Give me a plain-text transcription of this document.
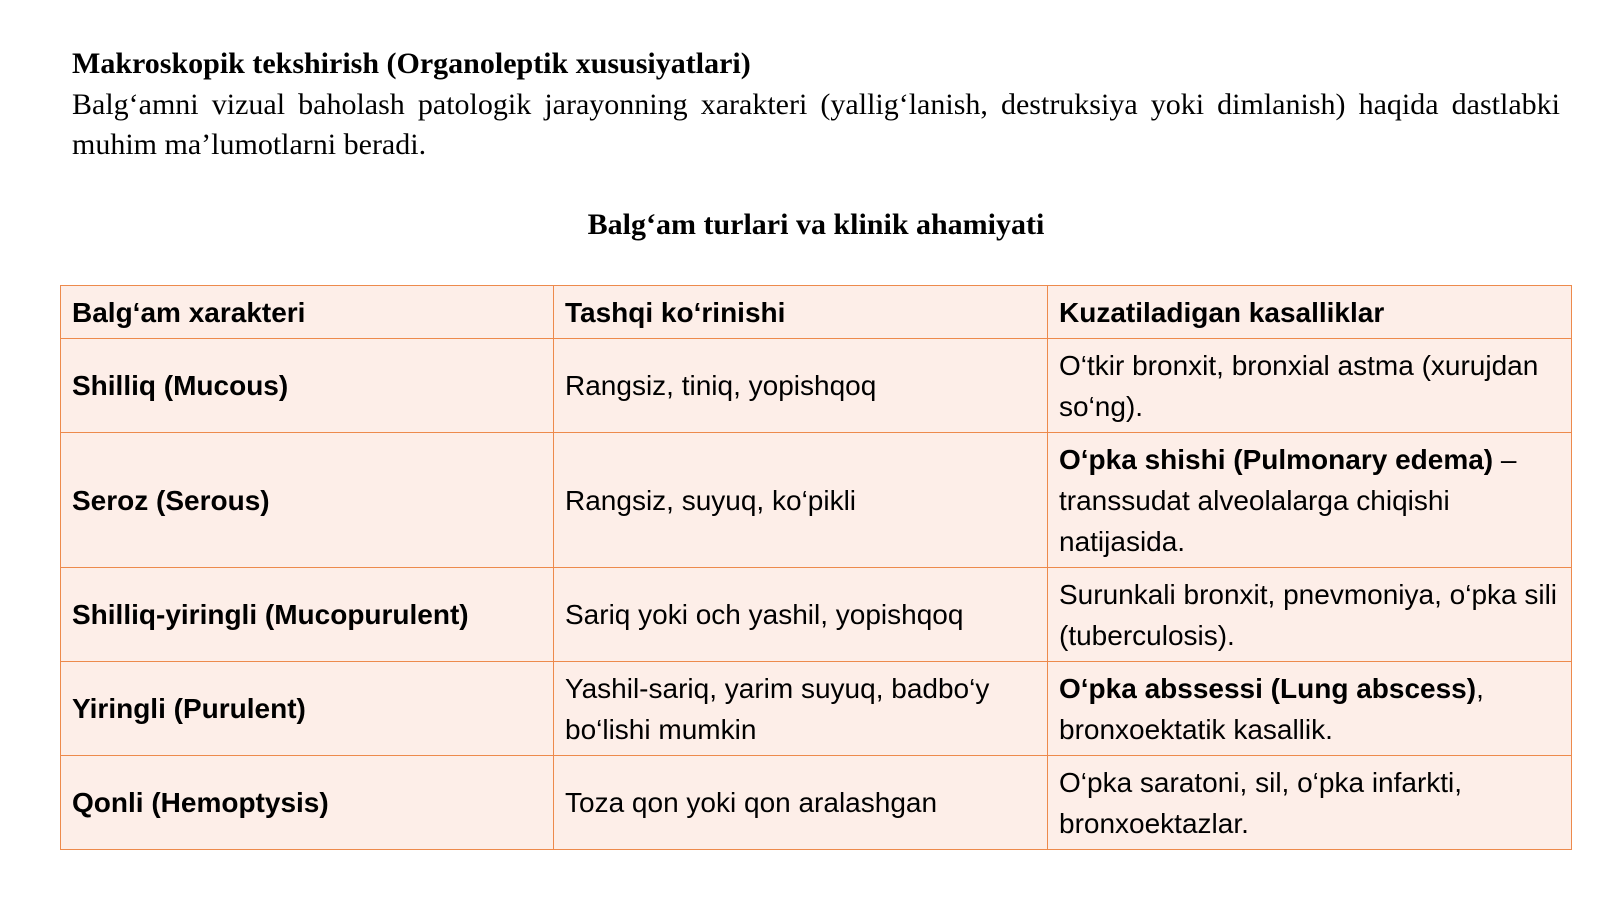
Makroskopik tekshirish (Organoleptik xususiyatlari)

Balg‘amni vizual baholash patologik jarayonning xarakteri (yallig‘lanish, destruksiya yoki dimlanish) haqida dastlabki muhim ma’lumotlarni beradi.

Balg‘am turlari va klinik ahamiyati

Balg‘am xarakteri	Tashqi ko‘rinishi	Kuzatiladigan kasalliklar
Shilliq (Mucous)	Rangsiz, tiniq, yopishqoq	O‘tkir bronxit, bronxial astma (xurujdan so‘ng).
Seroz (Serous)	Rangsiz, suyuq, ko‘pikli	O‘pka shishi (Pulmonary edema) – transsudat alveolalarga chiqishi natijasida.
Shilliq-yiringli (Mucopurulent)	Sariq yoki och yashil, yopishqoq	Surunkali bronxit, pnevmoniya, o‘pka sili (tuberculosis).
Yiringli (Purulent)	Yashil-sariq, yarim suyuq, badbo‘y bo‘lishi mumkin	O‘pka abssessi (Lung abscess), bronxoektatik kasallik.
Qonli (Hemoptysis)	Toza qon yoki qon aralashgan	O‘pka saratoni, sil, o‘pka infarkti, bronxoektazlar.
